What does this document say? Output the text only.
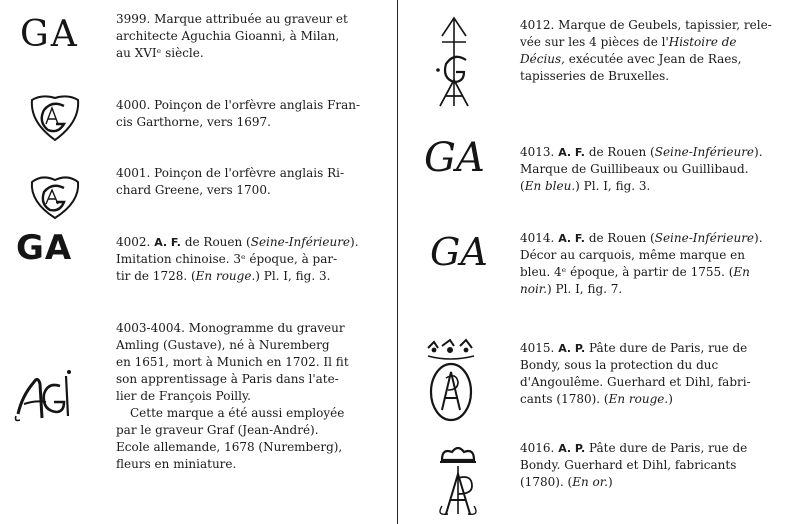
GA	3999. Marque attribuée au graveur et
architecte Aguchia Gioanni, à Milan,
au XVIᵉ siècle.
4000. Poinçon de l'orfèvre anglais Fran-
cis Garthorne, vers 1697.
4001. Poinçon de l'orfèvre anglais Ri-
chard Greene, vers 1700.
GA	4002. A. F. de Rouen (Seine-Inférieure).
Imitation chinoise. 3ᵉ époque, à par-
tir de 1728. (En rouge.) Pl. I, fig. 3.
4003-4004. Monogramme du graveur
Amling (Gustave), né à Nuremberg
en 1651, mort à Munich en 1702. Il fit
son apprentissage à Paris dans l'ate-
lier de François Poilly.
Cette marque a été aussi employée
par le graveur Graf (Jean-André).
Ecole allemande, 1678 (Nuremberg),
fleurs en miniature.
4012. Marque de Geubels, tapissier, rele-
vée sur les 4 pièces de l'Histoire de
Décius, exécutée avec Jean de Raes,
tapisseries de Bruxelles.
GA	4013. A. F. de Rouen (Seine-Inférieure).
Marque de Guillibeaux ou Guillibaud.
(En bleu.) Pl. I, fig. 3.
GA	4014. A. F. de Rouen (Seine-Inférieure).
Décor au carquois, même marque en
bleu. 4ᵉ époque, à partir de 1755. (En
noir.) Pl. I, fig. 7.
4015. A. P. Pâte dure de Paris, rue de
Bondy, sous la protection du duc
d'Angoulême. Guerhard et Dihl, fabri-
cants (1780). (En rouge.)
4016. A. P. Pâte dure de Paris, rue de
Bondy. Guerhard et Dihl, fabricants
(1780). (En or.)
